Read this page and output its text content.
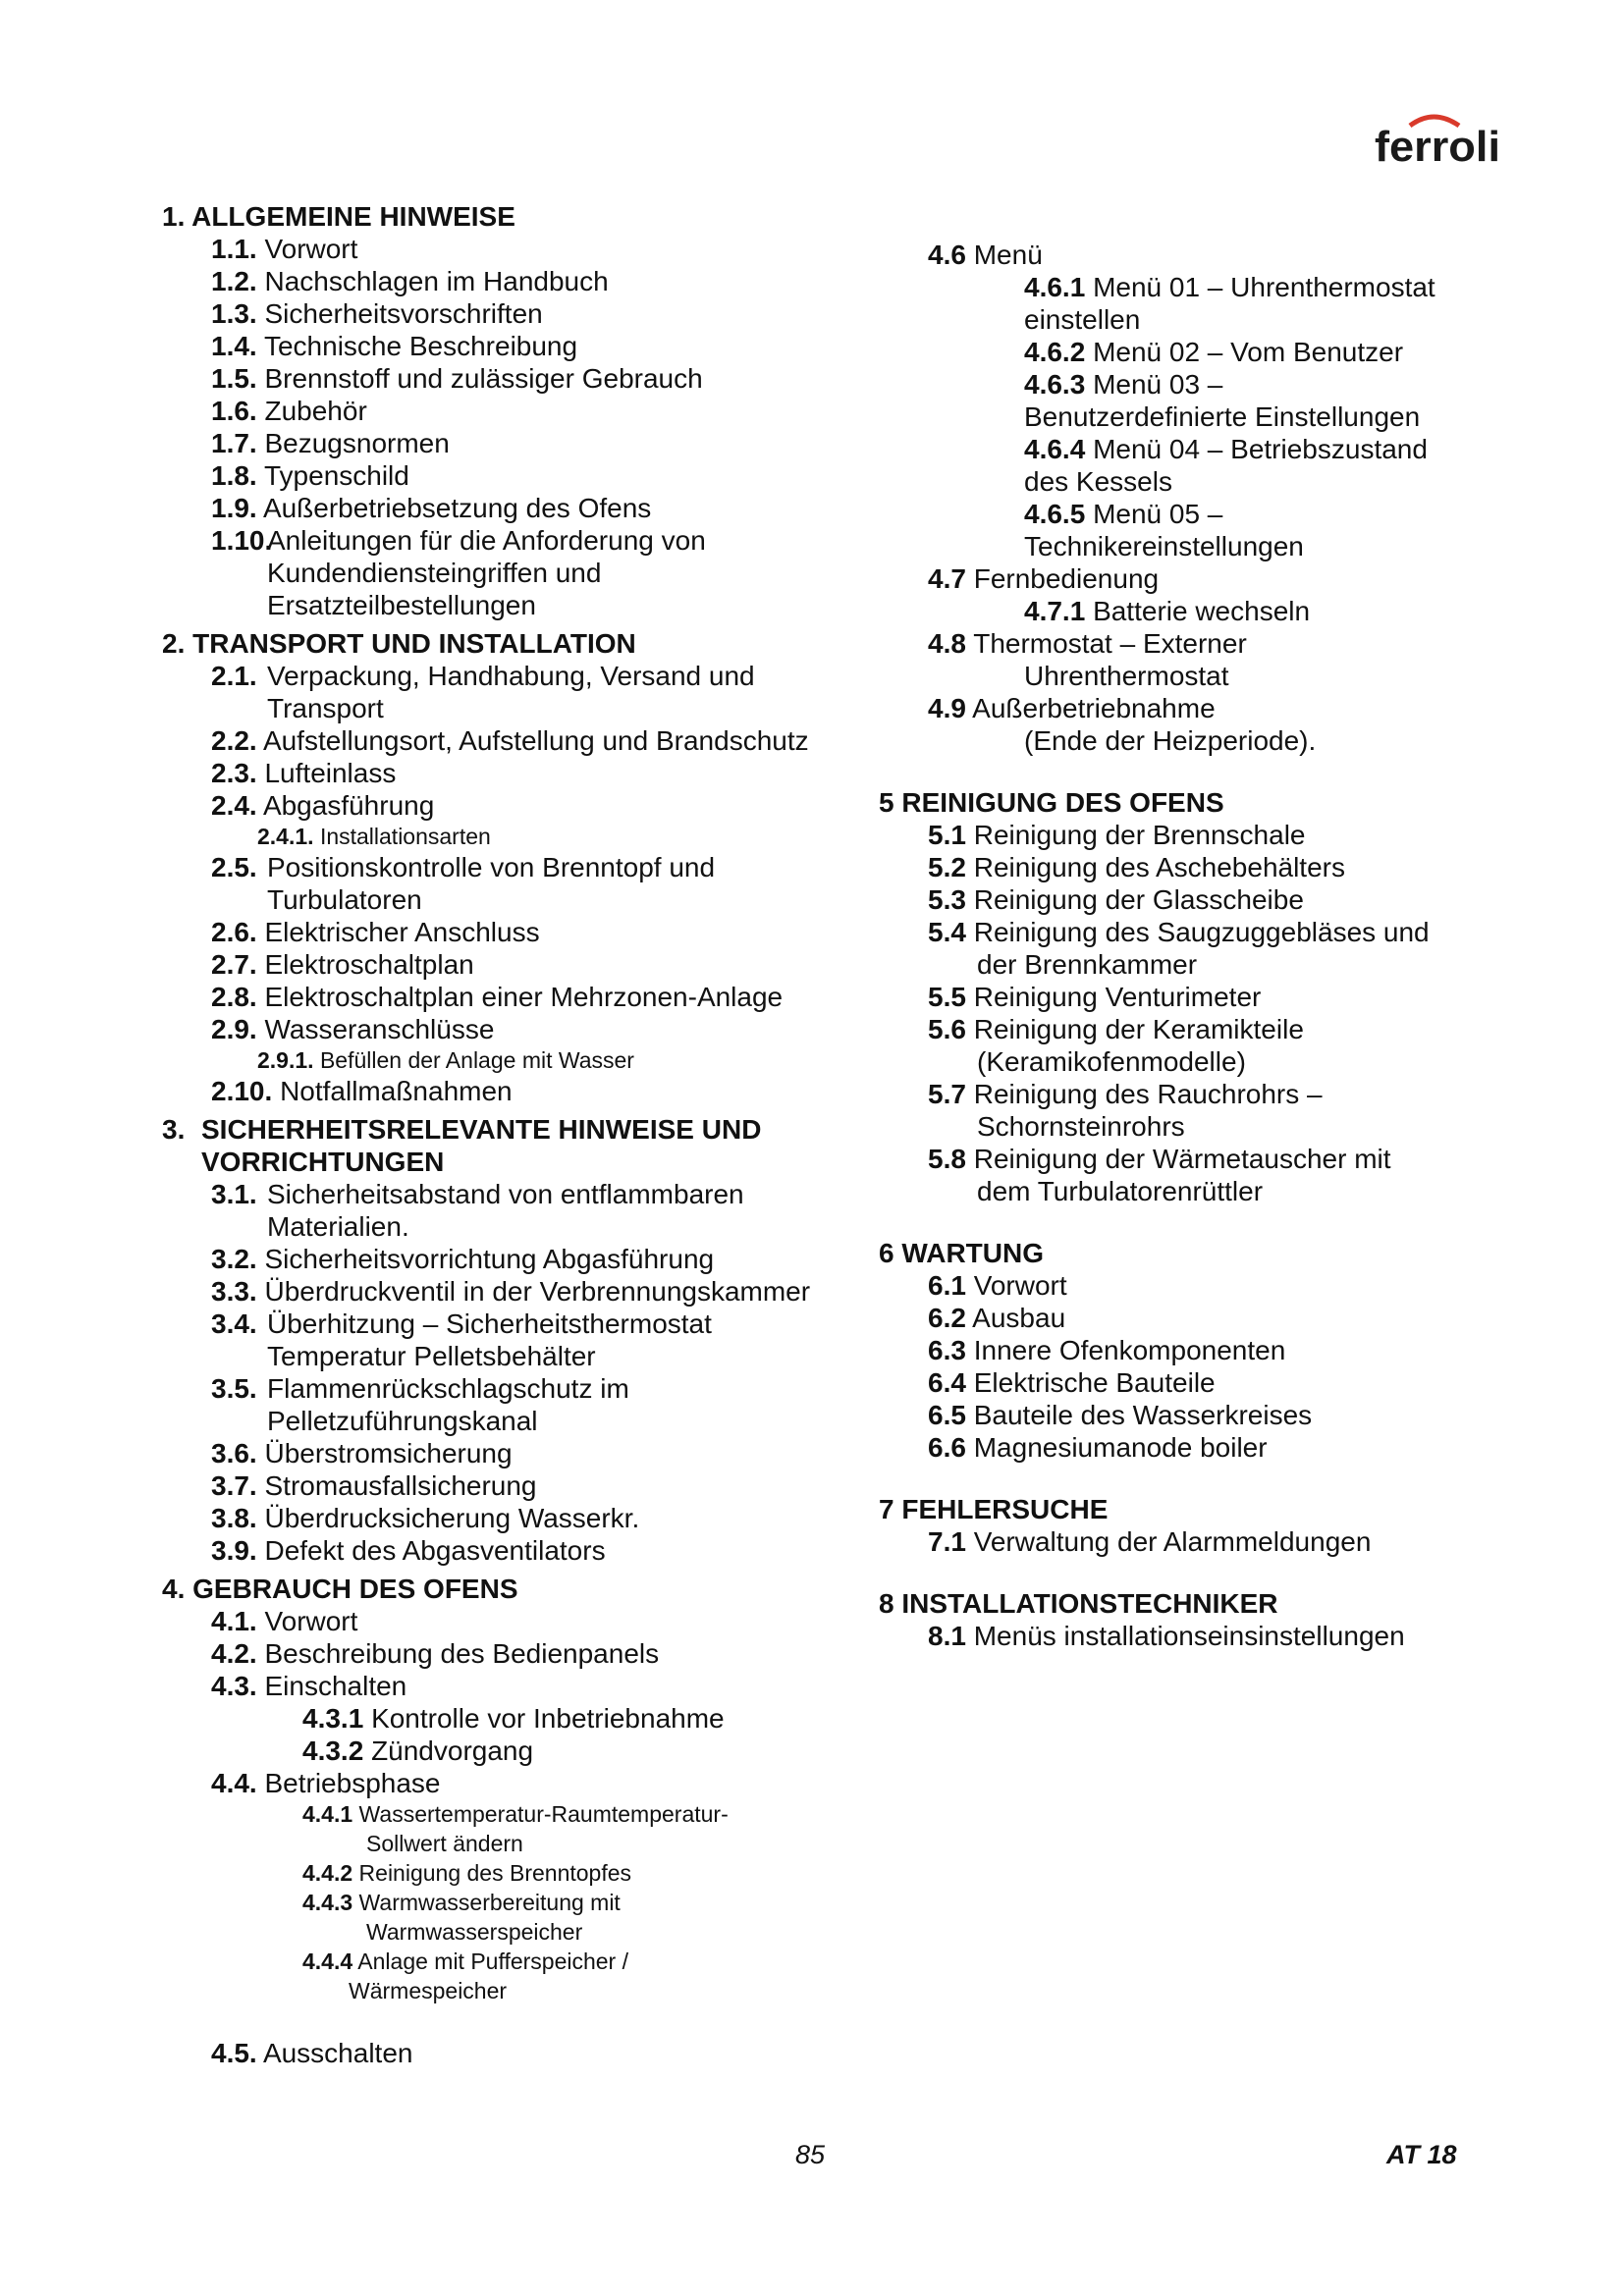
ferroli
1. ALLGEMEINE HINWEISE
1.1. Vorwort
1.2. Nachschlagen im Handbuch
1.3. Sicherheitsvorschriften
1.4. Technische Beschreibung
1.5. Brennstoff und zulässiger Gebrauch
1.6. Zubehör
1.7. Bezugsnormen
1.8. Typenschild
1.9. Außerbetriebsetzung des Ofens
1.10.
Anleitungen für die Anforderung von
Kundendiensteingriffen und
Ersatzteilbestellungen
2. TRANSPORT UND INSTALLATION
2.1. Verpackung, Handhabung, Versand und
Transport
2.2. Aufstellungsort, Aufstellung und Brandschutz
2.3. Lufteinlass
2.4. Abgasführung
2.4.1. Installationsarten
2.5. Positionskontrolle von Brenntopf und
Turbulatoren
2.6. Elektrischer Anschluss
2.7. Elektroschaltplan
2.8. Elektroschaltplan einer Mehrzonen-Anlage
2.9. Wasseranschlüsse
2.9.1. Befüllen der Anlage mit Wasser
2.10. Notfallmaßnahmen
3. SICHERHEITSRELEVANTE HINWEISE UND
VORRICHTUNGEN
3.1. Sicherheitsabstand von entflammbaren
Materialien.
3.2. Sicherheitsvorrichtung Abgasführung
3.3. Überdruckventil in der Verbrennungskammer
3.4. Überhitzung – Sicherheitsthermostat
Temperatur Pelletsbehälter
3.5. Flammenrückschlagschutz im
Pelletzuführungskanal
3.6. Überstromsicherung
3.7. Stromausfallsicherung
3.8. Überdrucksicherung Wasserkr.
3.9. Defekt des Abgasventilators
4. GEBRAUCH DES OFENS
4.1. Vorwort
4.2. Beschreibung des Bedienpanels
4.3. Einschalten
4.3.1 Kontrolle vor Inbetriebnahme
4.3.2 Zündvorgang
4.4. Betriebsphase
4.4.1 Wassertemperatur-Raumtemperatur-
Sollwert ändern
4.4.2 Reinigung des Brenntopfes
4.4.3 Warmwasserbereitung mit
Warmwasserspeicher
4.4.4 Anlage mit Pufferspeicher /
Wärmespeicher
4.5. Ausschalten
4.6 Menü
4.6.1 Menü 01 – Uhrenthermostat
einstellen
4.6.2 Menü 02 – Vom Benutzer
4.6.3 Menü 03 –
Benutzerdefinierte Einstellungen
4.6.4 Menü 04 – Betriebszustand
des Kessels
4.6.5 Menü 05 –
Technikereinstellungen
4.7 Fernbedienung
4.7.1 Batterie wechseln
4.8 Thermostat – Externer
Uhrenthermostat
4.9 Außerbetriebnahme
(Ende der Heizperiode).
5 REINIGUNG DES OFENS
5.1 Reinigung der Brennschale
5.2 Reinigung des Aschebehälters
5.3 Reinigung der Glasscheibe
5.4 Reinigung des Saugzuggebläses und
der Brennkammer
5.5 Reinigung Venturimeter
5.6 Reinigung der Keramikteile
(Keramikofenmodelle)
5.7 Reinigung des Rauchrohrs –
Schornsteinrohrs
5.8 Reinigung der Wärmetauscher mit
dem Turbulatorenrüttler
6 WARTUNG
6.1 Vorwort
6.2 Ausbau
6.3 Innere Ofenkomponenten
6.4 Elektrische Bauteile
6.5 Bauteile des Wasserkreises
6.6 Magnesiumanode boiler
7 FEHLERSUCHE
7.1 Verwaltung der Alarmmeldungen
8 INSTALLATIONSTECHNIKER
8.1 Menüs installationseinsinstellungen
85	AT 18
